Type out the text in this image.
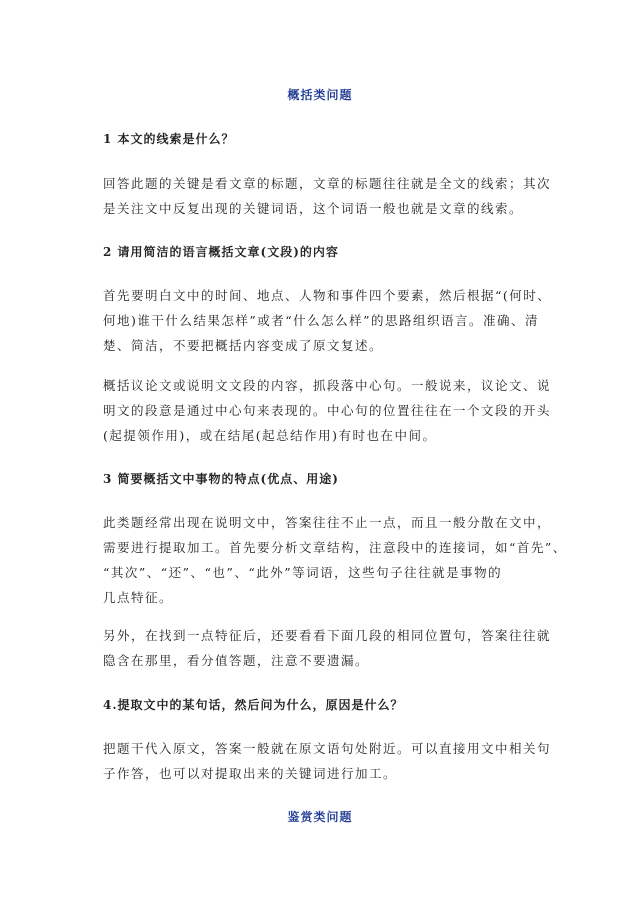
概括类问题
1 本文的线索是什么？
回答此题的关键是看文章的标题，文章的标题往往就是全文的线索；其次
是关注文中反复出现的关键词语，这个词语一般也就是文章的线索。
2 请用简洁的语言概括文章(文段)的内容
首先要明白文中的时间、地点、人物和事件四个要素，然后根据“(何时、
何地)谁干什么结果怎样”或者“什么怎么样”的思路组织语言。准确、清
楚、简洁，不要把概括内容变成了原文复述。
概括议论文或说明文文段的内容，抓段落中心句。一般说来，议论文、说
明文的段意是通过中心句来表现的。中心句的位置往往在一个文段的开头
(起提领作用)，或在结尾(起总结作用)有时也在中间。
3 简要概括文中事物的特点(优点、用途)
此类题经常出现在说明文中，答案往往不止一点，而且一般分散在文中，
需要进行提取加工。首先要分析文章结构，注意段中的连接词，如“首先”、
“其次”、“还”、“也”、“此外”等词语，这些句子往往就是事物的
几点特征。
另外，在找到一点特征后，还要看看下面几段的相同位置句，答案往往就
隐含在那里，看分值答题，注意不要遗漏。
4.提取文中的某句话，然后问为什么，原因是什么？
把题干代入原文，答案一般就在原文语句处附近。可以直接用文中相关句
子作答，也可以对提取出来的关键词进行加工。
鉴赏类问题
